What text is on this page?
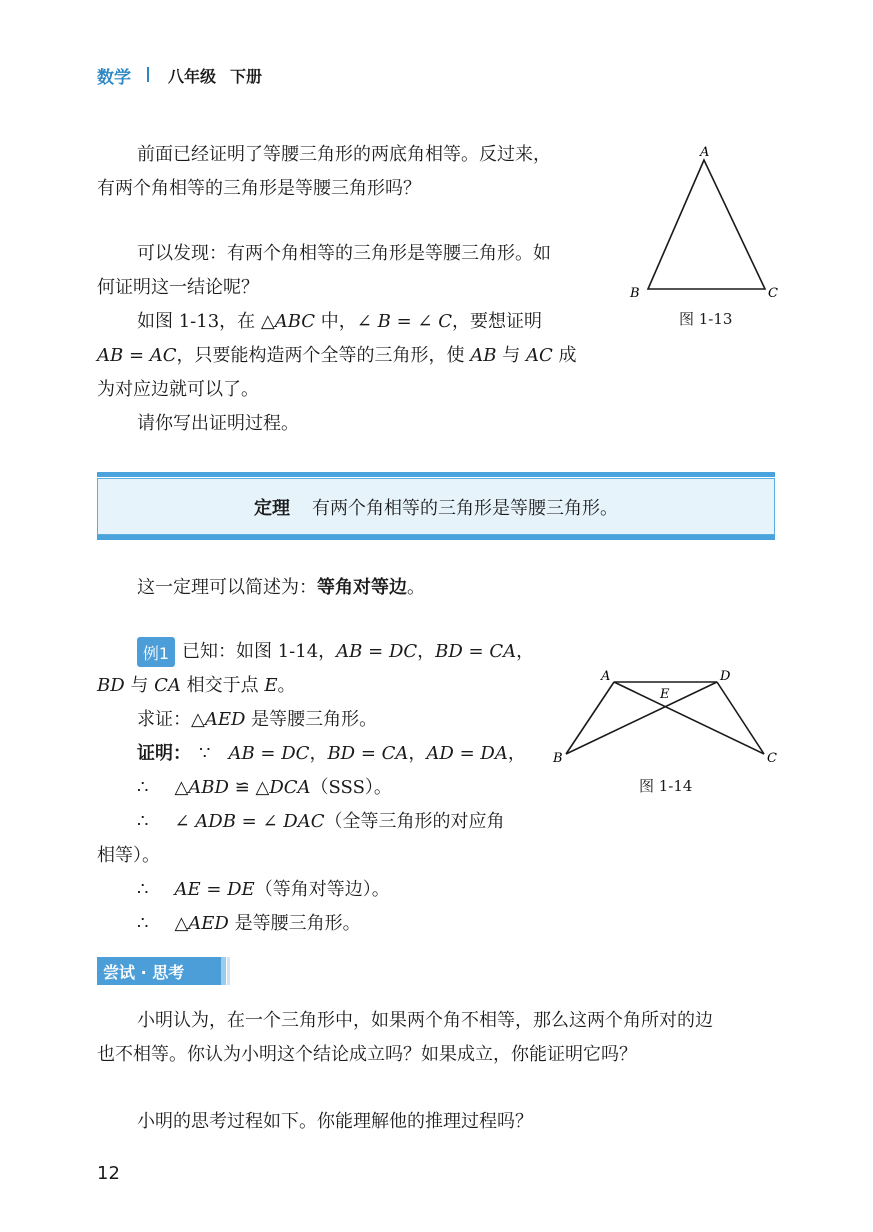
数学 八年级 下册
前面已经证明了等腰三角形的两底角相等。反过来，
有两个角相等的三角形是等腰三角形吗？
可以发现：有两个角相等的三角形是等腰三角形。如
何证明这一结论呢？
如图 1-13，在 △ABC 中，∠ B = ∠ C，要想证明
AB = AC，只要能构造两个全等的三角形，使 AB 与 AC 成
为对应边就可以了。
请你写出证明过程。
A
B	C
图 1-13
定理 有两个角相等的三角形是等腰三角形。
这一定理可以简述为：等角对等边。
例1 已知：如图 1-14，AB = DC，BD = CA，
BD 与 CA 相交于点 E。
求证：△AED 是等腰三角形。
证明： ∵ AB = DC，BD = CA，AD = DA，
∴ △ABD ≌ △DCA（SSS）。
∴ ∠ ADB = ∠ DAC（全等三角形的对应角
相等）。
∴ AE = DE（等角对等边）。
∴ △AED 是等腰三角形。
A	D
E
B	C
图 1-14
尝试 · 思考
小明认为，在一个三角形中，如果两个角不相等，那么这两个角所对的边
也不相等。你认为小明这个结论成立吗？如果成立，你能证明它吗？
小明的思考过程如下。你能理解他的推理过程吗？
12
